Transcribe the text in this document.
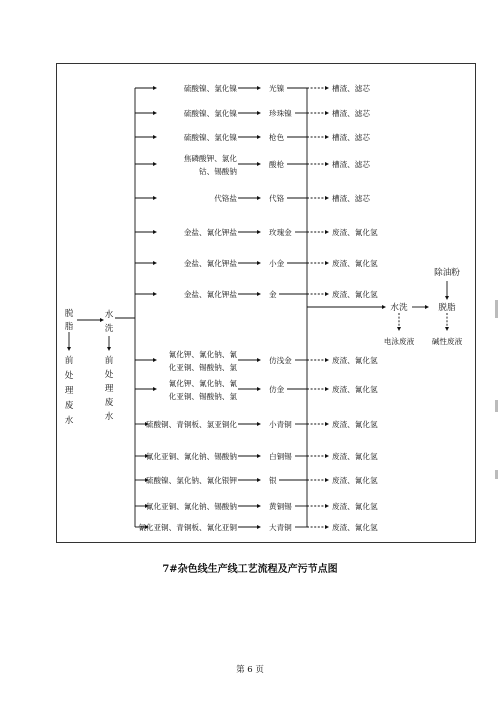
脱
脂
前
处
理
废
水
水
洗
前
处
理
废
水
硫酸镍、氯化镍	光镍	槽渣、滤芯
硫酸镍、氯化镍	珍珠镍	槽渣、滤芯
硫酸镍、氯化镍	枪色	槽渣、滤芯
焦磷酸钾、氯化
钴、锡酸钠
酸枪	槽渣、滤芯
代铬盐	代铬	槽渣、滤芯
金盐、氰化钾盐	玫瑰金	废渣、氰化氢
金盐、氰化钾盐	小金	废渣、氰化氢
金盐、氰化钾盐	金	废渣、氰化氢
氰化钾、氰化钠、氰
化亚铜、锡酸钠、氯
仿浅金	废渣、氰化氢
氰化钾、氰化钠、氰
化亚铜、锡酸钠、氯
仿金	废渣、氰化氢
硫酸铜、青铜板、氯亚铜化	小青铜	废渣、氰化氢
氰化亚铜、氰化钠、锡酸钠	白铜锡	废渣、氰化氢
硫酸镍、氯化钠、氰化银钾	银	废渣、氰化氢
氰化亚铜、氰化钠、锡酸钠	黄铜锡	废渣、氰化氢
氰化亚铜、青铜板、氰化亚铜	大青铜	废渣、氰化氢
水洗	脱脂
除油粉
电泳废液 碱性废液
7#杂色线生产线工艺流程及产污节点图
第 6 页
